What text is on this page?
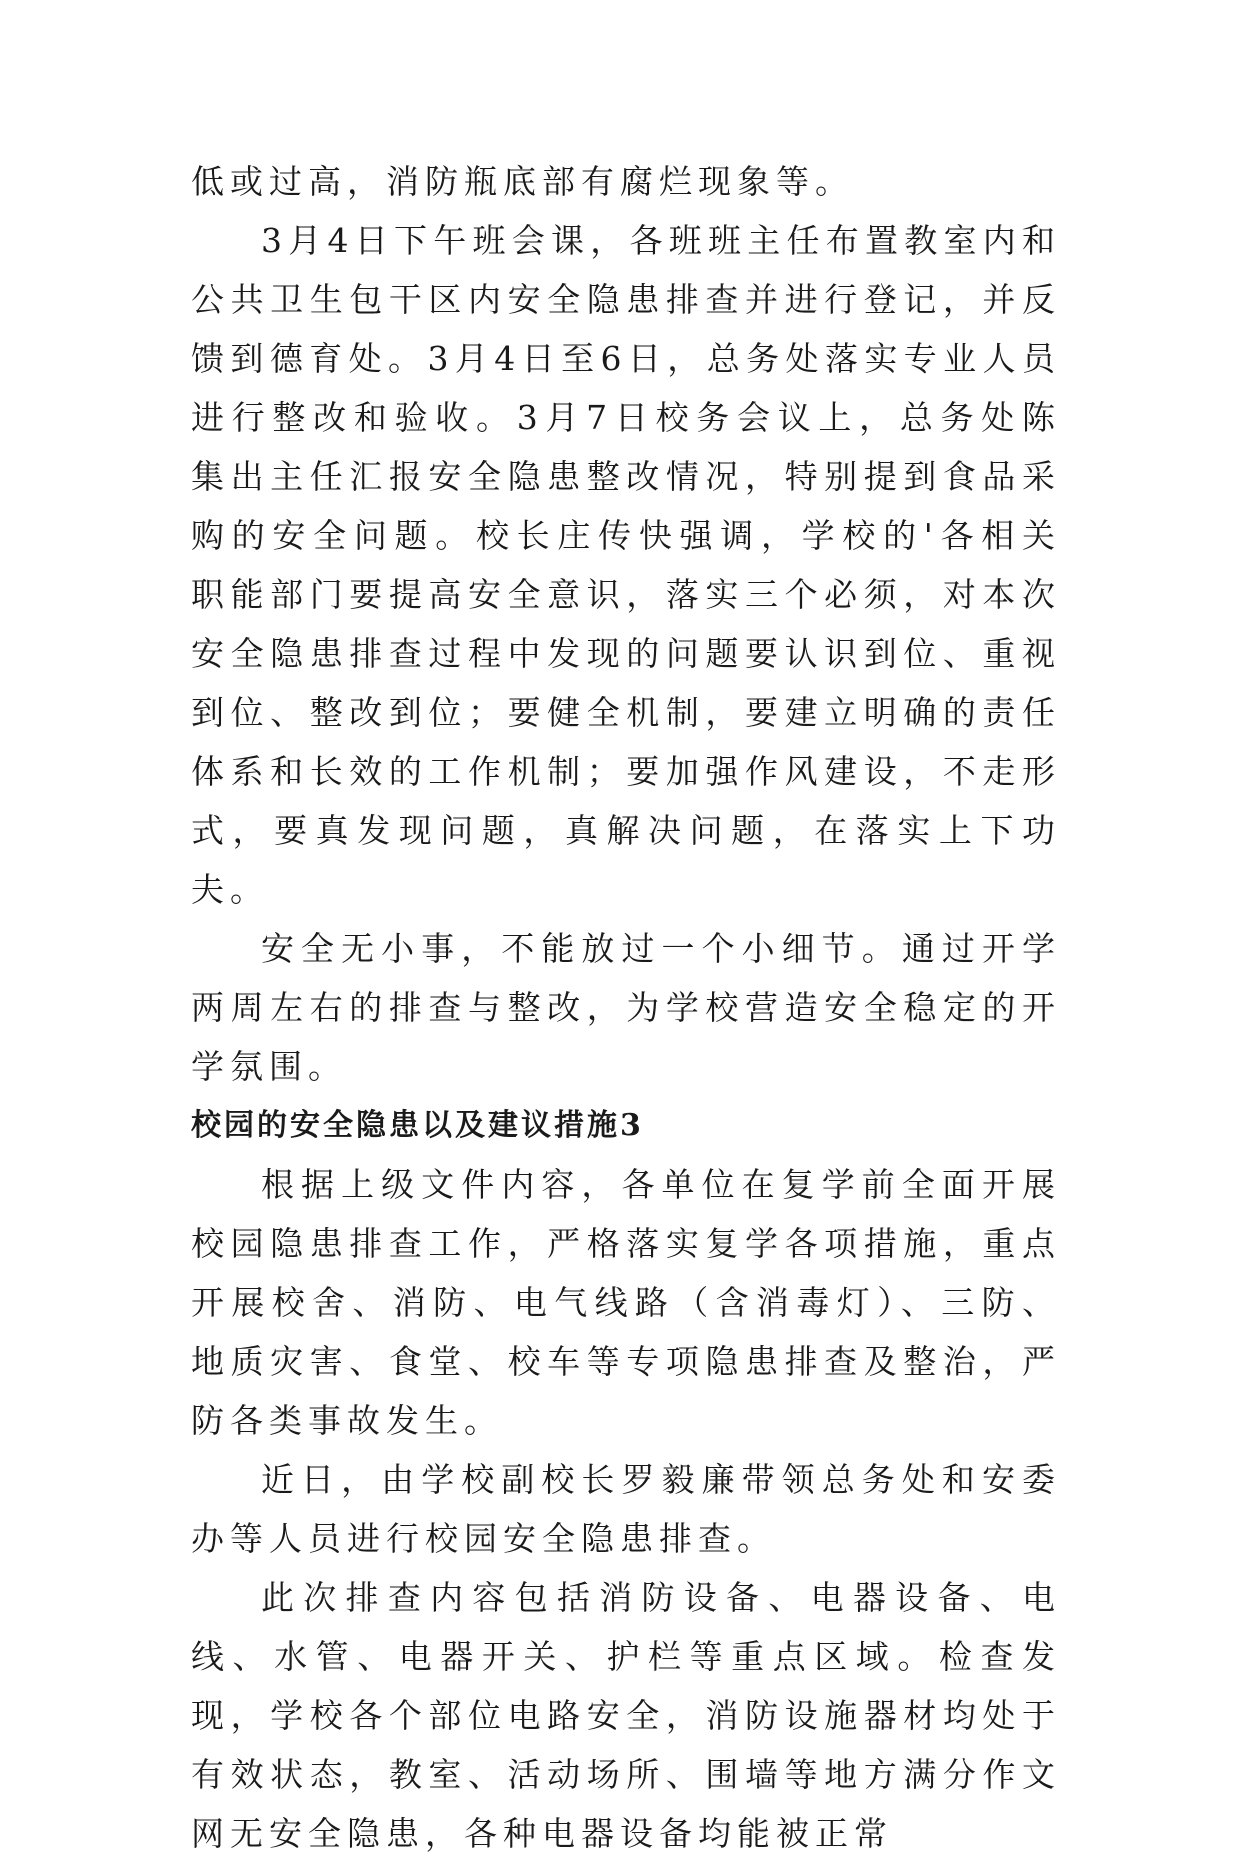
低或过高，消防瓶底部有腐烂现象等。

3月4日下午班会课，各班班主任布置教室内和公共卫生包干区内安全隐患排查并进行登记，并反馈到德育处。3月4日至6日，总务处落实专业人员进行整改和验收。3月7日校务会议上，总务处陈集出主任汇报安全隐患整改情况，特别提到食品采购的安全问题。校长庄传快强调，学校的'各相关职能部门要提高安全意识，落实三个必须，对本次安全隐患排查过程中发现的问题要认识到位、重视到位、整改到位；要健全机制，要建立明确的责任体系和长效的工作机制；要加强作风建设，不走形式，要真发现问题，真解决问题，在落实上下功夫。

安全无小事，不能放过一个小细节。通过开学两周左右的排查与整改，为学校营造安全稳定的开学氛围。

校园的安全隐患以及建议措施3

根据上级文件内容，各单位在复学前全面开展校园隐患排查工作，严格落实复学各项措施，重点开展校舍、消防、电气线路（含消毒灯）、三防、地质灾害、食堂、校车等专项隐患排查及整治，严防各类事故发生。

近日，由学校副校长罗毅廉带领总务处和安委办等人员进行校园安全隐患排查。

此次排查内容包括消防设备、电器设备、电线、水管、电器开关、护栏等重点区域。检查发现，学校各个部位电路安全，消防设施器材均处于有效状态，教室、活动场所、围墙等地方满分作文网无安全隐患，各种电器设备均能被正常
